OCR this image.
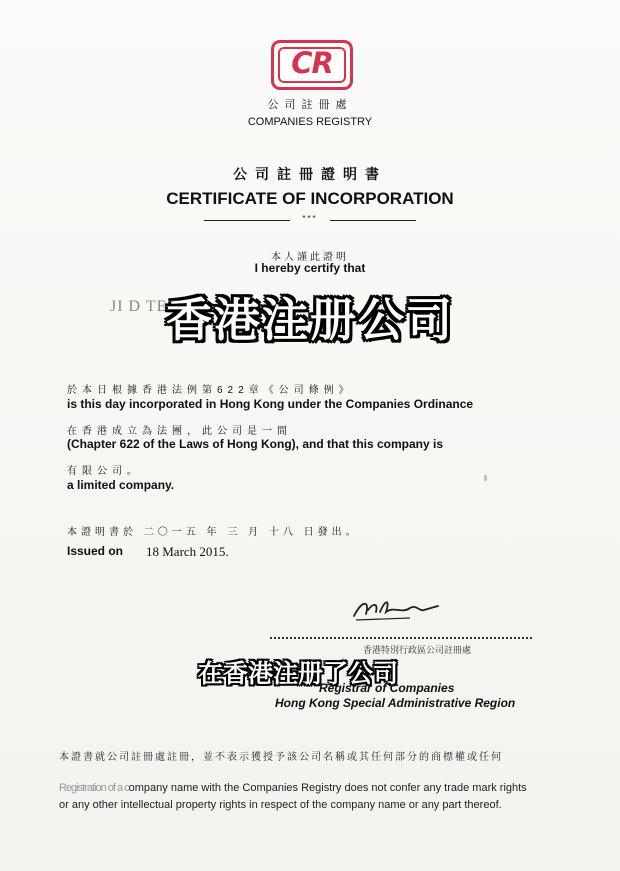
CR
公司註冊處
COMPANIES REGISTRY
公司註冊證明書
CERTIFICATE OF INCORPORATION
***
本人謹此證明
I hereby certify that
JI D TED
香港注册公司
於本日根據香港法例第622章《公司條例》
is this day incorporated in Hong Kong under the Companies Ordinance
在香港成立為法團，此公司是一間
(Chapter 622 of the Laws of Hong Kong), and that this company is
有限公司。
a limited company.
本證明書於 二〇一五 年 三 月 十八 日發出。
Issued on 18 March 2015.
香港特別行政區公司註冊處
在香港注册了公司
Registrar of Companies
Hong Kong Special Administrative Region
本證書就公司註冊處註冊，並不表示獲授予該公司名稱或其任何部分的商標權或任何
Registration of a company name with the Companies Registry does not confer any trade mark rights
or any other intellectual property rights in respect of the company name or any part thereof.
